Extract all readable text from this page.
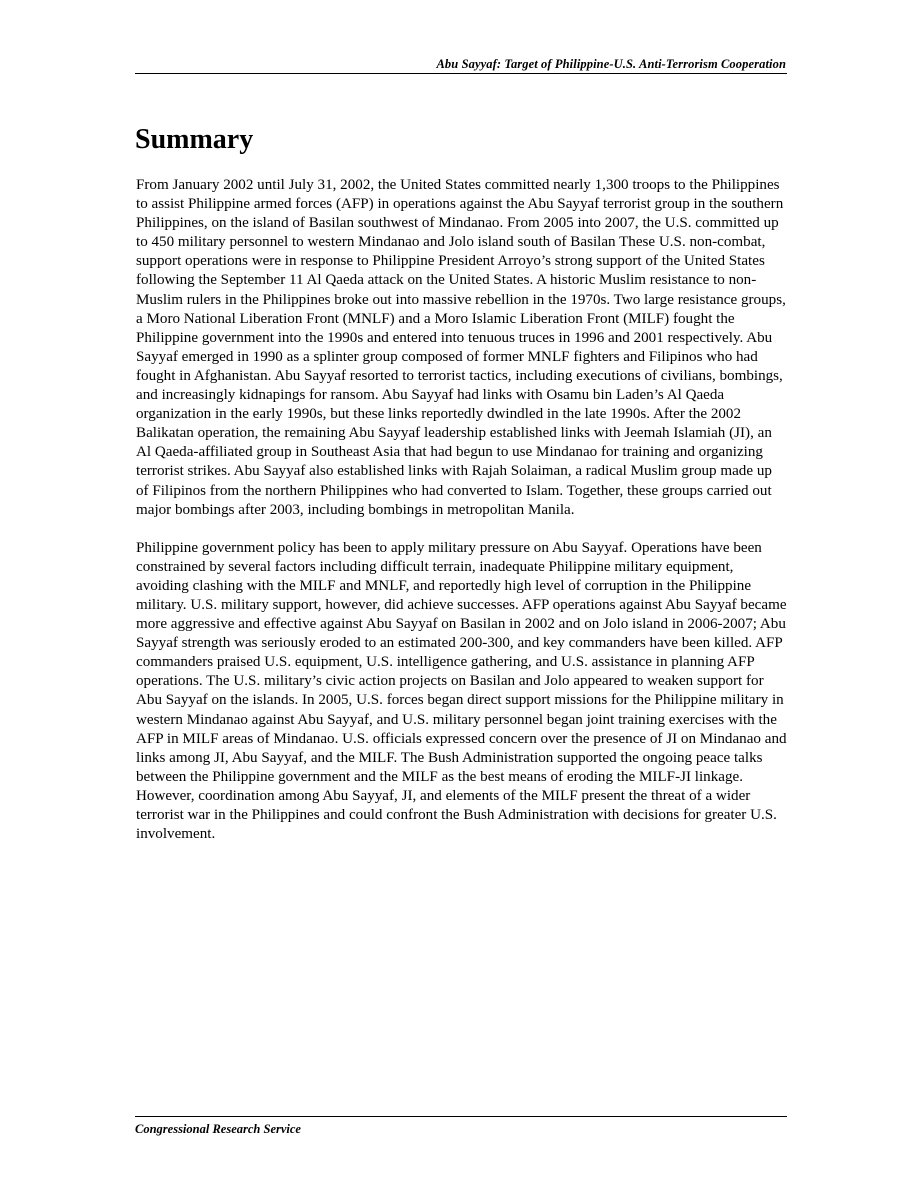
Abu Sayyaf: Target of Philippine-U.S. Anti-Terrorism Cooperation
Summary

From January 2002 until July 31, 2002, the United States committed nearly 1,300 troops to the Philippines to assist Philippine armed forces (AFP) in operations against the Abu Sayyaf terrorist group in the southern Philippines, on the island of Basilan southwest of Mindanao. From 2005 into 2007, the U.S. committed up to 450 military personnel to western Mindanao and Jolo island south of Basilan These U.S. non-combat, support operations were in response to Philippine President Arroyo’s strong support of the United States following the September 11 Al Qaeda attack on the United States. A historic Muslim resistance to non-Muslim rulers in the Philippines broke out into massive rebellion in the 1970s. Two large resistance groups, a Moro National Liberation Front (MNLF) and a Moro Islamic Liberation Front (MILF) fought the Philippine government into the 1990s and entered into tenuous truces in 1996 and 2001 respectively. Abu Sayyaf emerged in 1990 as a splinter group composed of former MNLF fighters and Filipinos who had fought in Afghanistan. Abu Sayyaf resorted to terrorist tactics, including executions of civilians, bombings, and increasingly kidnapings for ransom. Abu Sayyaf had links with Osamu bin Laden’s Al Qaeda organization in the early 1990s, but these links reportedly dwindled in the late 1990s. After the 2002 Balikatan operation, the remaining Abu Sayyaf leadership established links with Jeemah Islamiah (JI), an Al Qaeda-affiliated group in Southeast Asia that had begun to use Mindanao for training and organizing terrorist strikes. Abu Sayyaf also established links with Rajah Solaiman, a radical Muslim group made up of Filipinos from the northern Philippines who had converted to Islam. Together, these groups carried out major bombings after 2003, including bombings in metropolitan Manila.

Philippine government policy has been to apply military pressure on Abu Sayyaf. Operations have been constrained by several factors including difficult terrain, inadequate Philippine military equipment, avoiding clashing with the MILF and MNLF, and reportedly high level of corruption in the Philippine military. U.S. military support, however, did achieve successes. AFP operations against Abu Sayyaf became more aggressive and effective against Abu Sayyaf on Basilan in 2002 and on Jolo island in 2006-2007; Abu Sayyaf strength was seriously eroded to an estimated 200-300, and key commanders have been killed. AFP commanders praised U.S. equipment, U.S. intelligence gathering, and U.S. assistance in planning AFP operations. The U.S. military’s civic action projects on Basilan and Jolo appeared to weaken support for Abu Sayyaf on the islands. In 2005, U.S. forces began direct support missions for the Philippine military in western Mindanao against Abu Sayyaf, and U.S. military personnel began joint training exercises with the AFP in MILF areas of Mindanao. U.S. officials expressed concern over the presence of JI on Mindanao and links among JI, Abu Sayyaf, and the MILF. The Bush Administration supported the ongoing peace talks between the Philippine government and the MILF as the best means of eroding the MILF-JI linkage. However, coordination among Abu Sayyaf, JI, and elements of the MILF present the threat of a wider terrorist war in the Philippines and could confront the Bush Administration with decisions for greater U.S. involvement.

Congressional Research Service
